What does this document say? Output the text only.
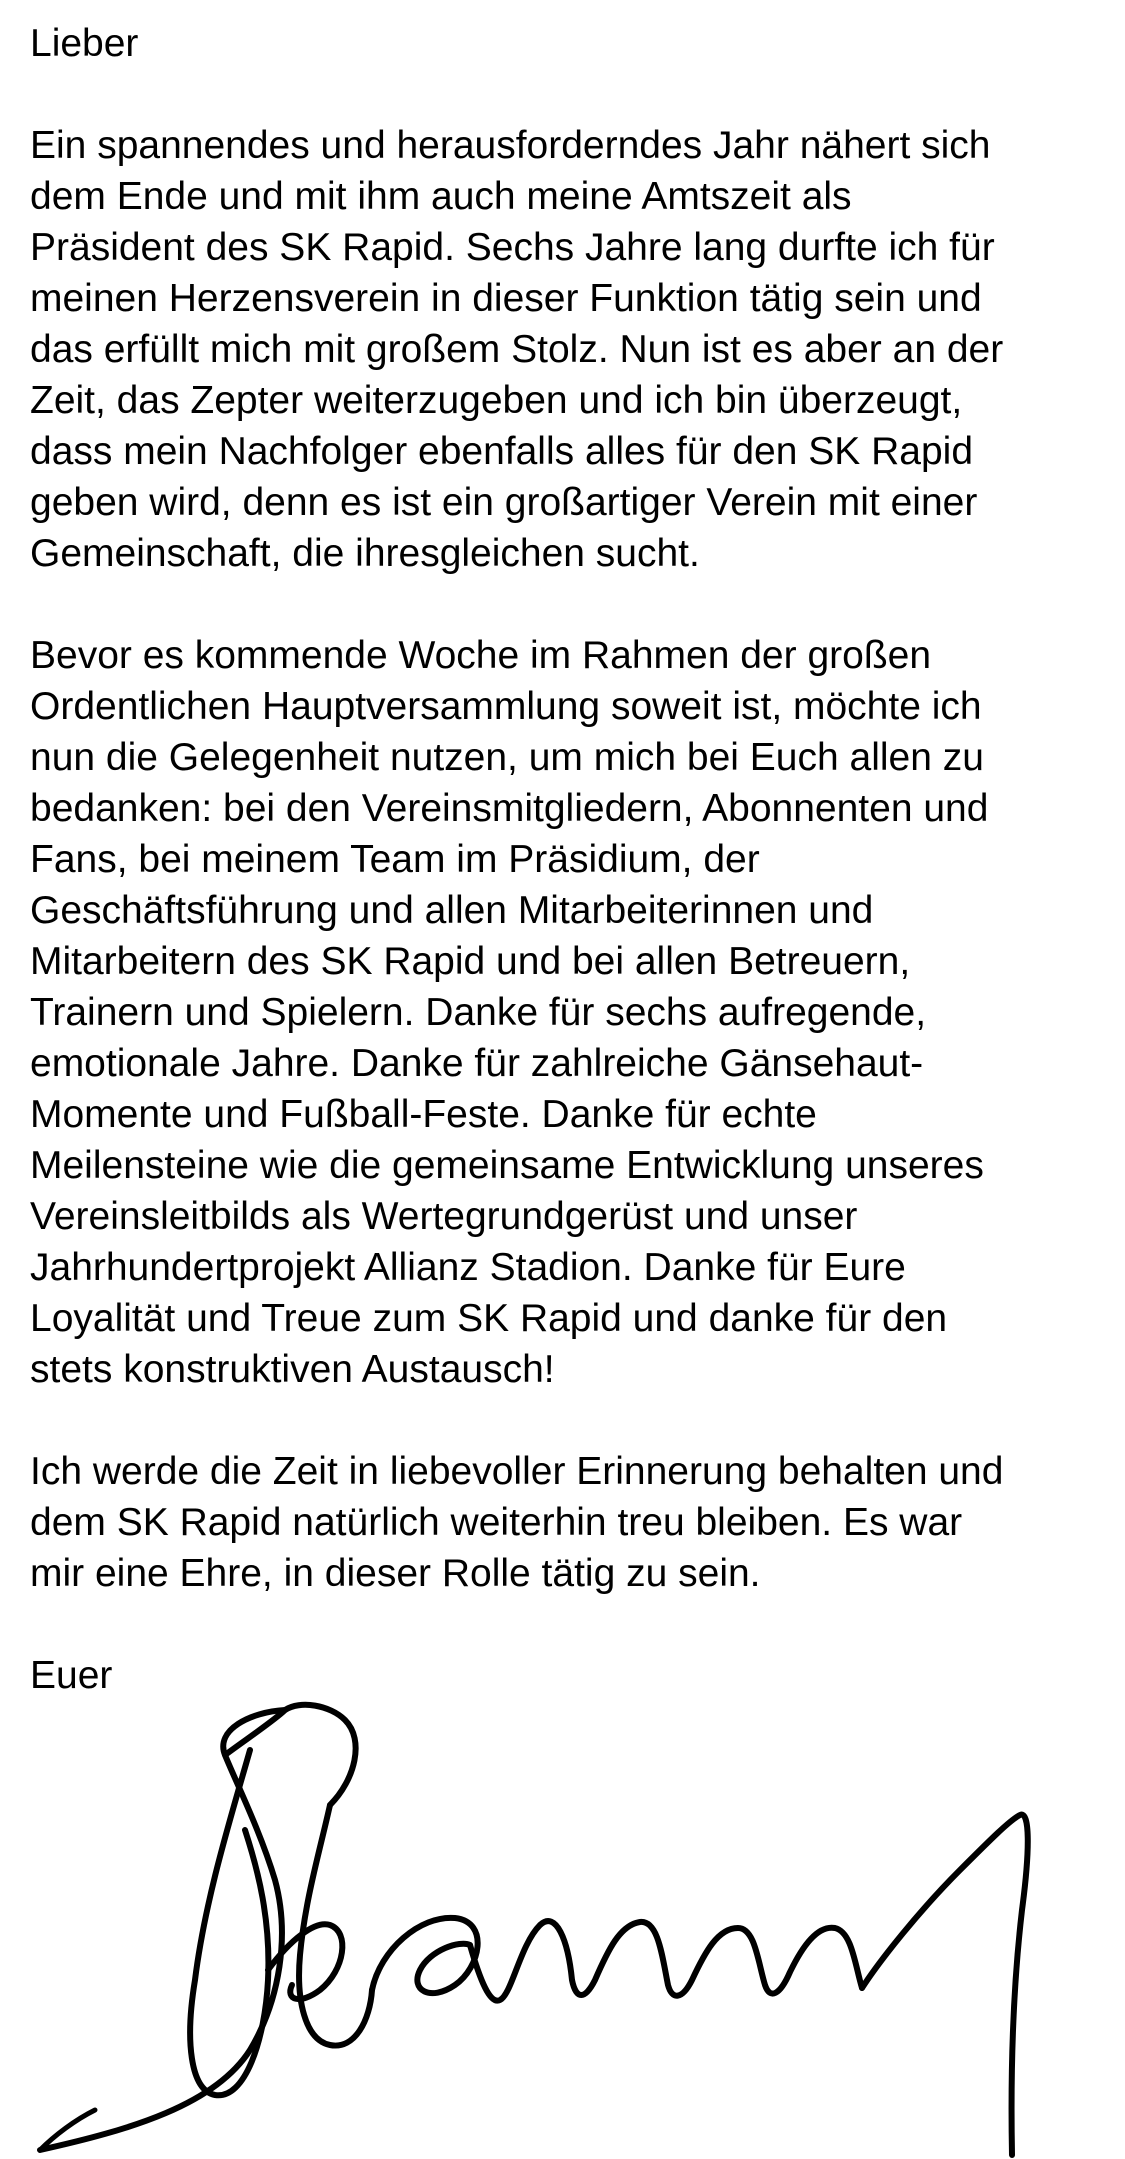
Lieber

Ein spannendes und herausforderndes Jahr nähert sich
dem Ende und mit ihm auch meine Amtszeit als
Präsident des SK Rapid. Sechs Jahre lang durfte ich für
meinen Herzensverein in dieser Funktion tätig sein und
das erfüllt mich mit großem Stolz. Nun ist es aber an der
Zeit, das Zepter weiterzugeben und ich bin überzeugt,
dass mein Nachfolger ebenfalls alles für den SK Rapid
geben wird, denn es ist ein großartiger Verein mit einer
Gemeinschaft, die ihresgleichen sucht.

Bevor es kommende Woche im Rahmen der großen
Ordentlichen Hauptversammlung soweit ist, möchte ich
nun die Gelegenheit nutzen, um mich bei Euch allen zu
bedanken: bei den Vereinsmitgliedern, Abonnenten und
Fans, bei meinem Team im Präsidium, der
Geschäftsführung und allen Mitarbeiterinnen und
Mitarbeitern des SK Rapid und bei allen Betreuern,
Trainern und Spielern. Danke für sechs aufregende,
emotionale Jahre. Danke für zahlreiche Gänsehaut-
Momente und Fußball-Feste. Danke für echte
Meilensteine wie die gemeinsame Entwicklung unseres
Vereinsleitbilds als Wertegrundgerüst und unser
Jahrhundertprojekt Allianz Stadion. Danke für Eure
Loyalität und Treue zum SK Rapid und danke für den
stets konstruktiven Austausch!

Ich werde die Zeit in liebevoller Erinnerung behalten und
dem SK Rapid natürlich weiterhin treu bleiben. Es war
mir eine Ehre, in dieser Rolle tätig zu sein.

Euer
